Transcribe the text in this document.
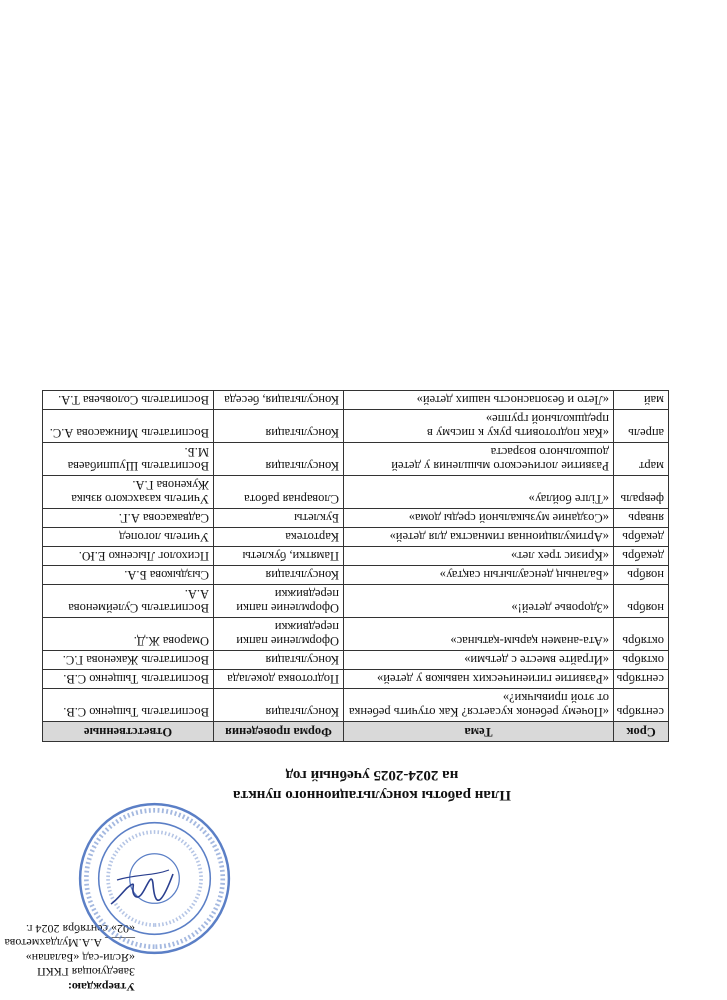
Утверждаю:
Заведующая ГККП
«Ясли-сад «Балапан»
_____ А.А.Мулдахметова
«02» сентября 2024 г.
План работы консультационного пункта
на 2024-2025 учебный год
Срок	Тема	Форма проведения	Ответственные
сентябрь	«Почему ребенок кусается? Как отучить ребенка от этой привычки?»	Консультация	Воспитатель Тыщенко С.В.
сентябрь	«Развитие гигиенических навыков у детей»	Подготовка докелада	Воспитатель Тыщенко С.В.
октябрь	«Играйте вместе с детьми»	Консультация	Воспитатель Жакенова Г.С.
октябрь	«Ата-анамен қарым-қатынас»	Оформление папки передвижки	Омарова Ж.Д.
ноябрь	«Здоровье детей!»	Оформление папки передвижки	Воспитатель Сулейменова А.А.
ноябрь	«Баланың денсаулығын сақтау»	Консультация	Сыздыкова Б.А.
декабрь	«Кризис трех лет»	Памятки, буклеты	Психолог Лысенко Е.Ю.
декабрь	«Артикуляционная гимнастка для детей»	Картотека	Учитель логопед
январь	«Создание музыкальной среды дома»	Буклеты	Садвакасова А.Г.
февраль	«Тілге бойлау»	Словарная работа	Учитель казахского языка Жукенова Г.А.
март	Развитие логического мышления у детей дошкольного возраста	Консультация	Воспитатель Шушпибаева М.Б.
апрель	«Как подготовить руку к письму в предшкольной группе»	Консультация	Воспитатель Минжасова А.С.
май	«Лето и безопасность наших детей»	Консультация, беседа	Воспитатель Соловьева Т.А.
